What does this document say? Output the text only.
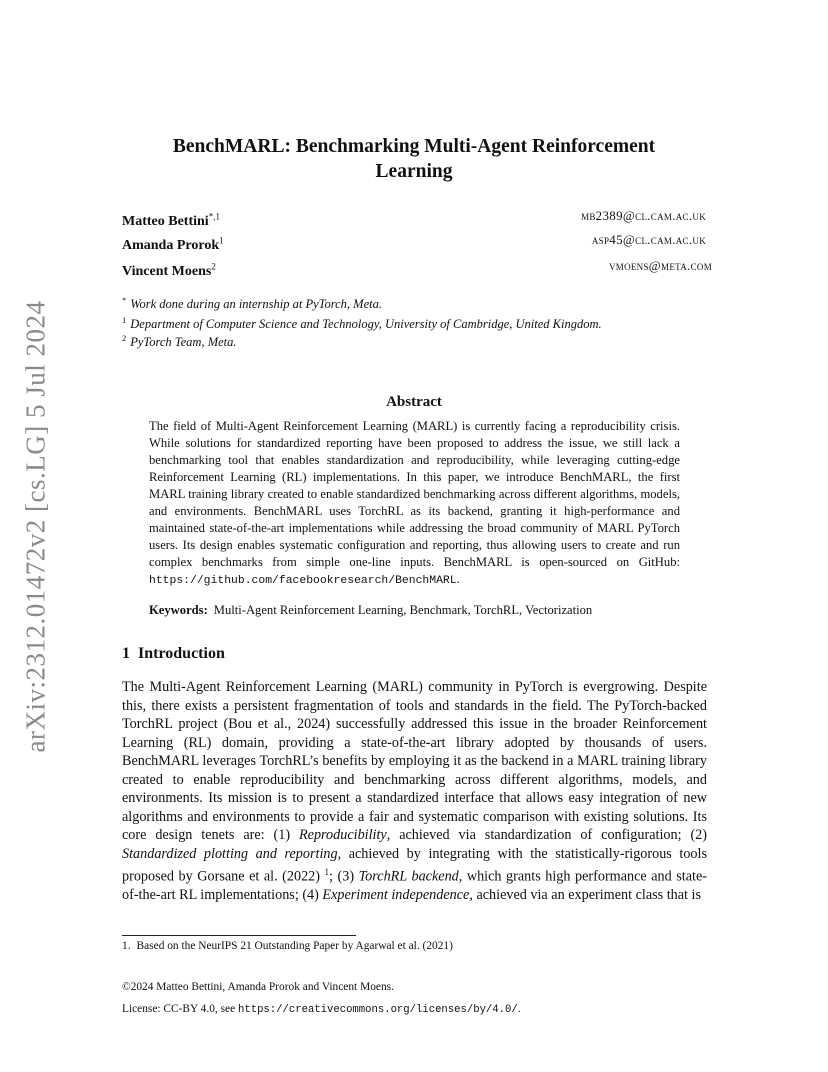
arXiv:2312.01472v2 [cs.LG] 5 Jul 2024
BenchMARL: Benchmarking Multi-Agent Reinforcement
Learning
Matteo Bettini$^{*,1}$	mb2389@cl.cam.ac.uk
Amanda Prorok$^1$	asp45@cl.cam.ac.uk
Vincent Moens$^2$	vmoens@meta.com
* Work done during an internship at PyTorch, Meta.
$^1$ Department of Computer Science and Technology, University of Cambridge, United Kingdom.
$^2$ PyTorch Team, Meta.
Abstract
The field of Multi-Agent Reinforcement Learning (MARL) is currently facing a reproducibility crisis. While solutions for standardized reporting have been proposed to address the issue, we still lack a benchmarking tool that enables standardization and reproducibility, while leveraging cutting-edge Reinforcement Learning (RL) implementations. In this paper, we introduce BenchMARL, the first MARL training library created to enable standardized benchmarking across different algorithms, models, and environments. BenchMARL uses TorchRL as its backend, granting it high-performance and maintained state-of-the-art implementations while addressing the broad community of MARL PyTorch users. Its design enables systematic configuration and reporting, thus allowing users to create and run complex benchmarks from simple one-line inputs. BenchMARL is open-sourced on GitHub: https://github.com/facebookresearch/BenchMARL.
Keywords: Multi-Agent Reinforcement Learning, Benchmark, TorchRL, Vectorization
1 Introduction
The Multi-Agent Reinforcement Learning (MARL) community in PyTorch is evergrowing. Despite this, there exists a persistent fragmentation of tools and standards in the field. The PyTorch-backed TorchRL project (Bou et al., 2024) successfully addressed this issue in the broader Reinforcement Learning (RL) domain, providing a state-of-the-art library adopted by thousands of users. BenchMARL leverages TorchRL’s benefits by employing it as the backend in a MARL training library created to enable reproducibility and benchmarking across different algorithms, models, and environments. Its mission is to present a standardized interface that allows easy integration of new algorithms and environments to provide a fair and systematic comparison with existing solutions. Its core design tenets are: (1) Reproducibility, achieved via standardization of configuration; (2) Standardized plotting and reporting, achieved by integrating with the statistically-rigorous tools proposed by Gorsane et al. (2022) $^1$; (3) TorchRL backend, which grants high performance and state-of-the-art RL implementations; (4) Experiment independence, achieved via an experiment class that is
1. Based on the NeurIPS 21 Outstanding Paper by Agarwal et al. (2021)
©2024 Matteo Bettini, Amanda Prorok and Vincent Moens.
License: CC-BY 4.0, see https://creativecommons.org/licenses/by/4.0/.
